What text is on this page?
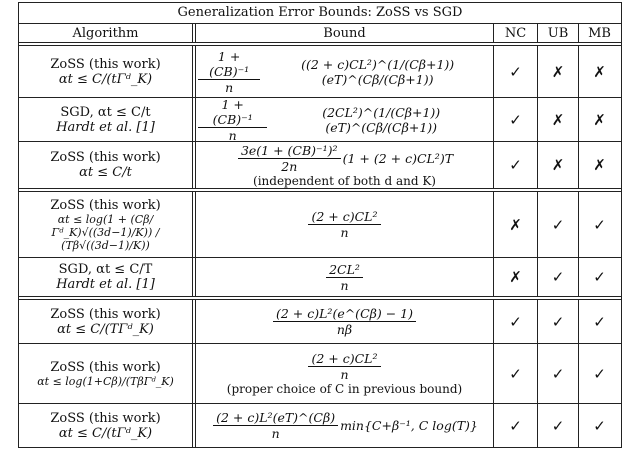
Generalization Error Bounds: ZoSS vs SGD
Algorithm	Bound	NC	UB	MB
ZoSS (this work)
αt ≤ C/(tΓᵈ_K)	$\frac{\text{1 + (CB)⁻¹}}{n}$	((2 + c)CL²)^(1/(Cβ+1)) (eT)^(Cβ/(Cβ+1))	✓	✗	✗
SGD, αt ≤ C/t
Hardt et al. [1]	$\frac{\text{1 + (CB)⁻¹}}{n}$	(2CL²)^(1/(Cβ+1)) (eT)^(Cβ/(Cβ+1))	✓	✗	✗
ZoSS (this work)
αt ≤ C/t	$\frac{\text{3e(1 + (CB)⁻¹)²}}{2n} (1 + (2 + c)CL^2)T$
(independent of both d and K)
✓	✗	✗
ZoSS (this work)
αt ≤ log(1 + (Cβ/Γᵈ_K)√((3d−1)/K)) / (Tβ√((3d−1)/K))
$\frac{\text{(2 + c)CL²}}{n}$	✗	✓	✓
SGD, αt ≤ C/T
Hardt et al. [1]	$\frac{\text{2CL²}}{n}$	✗	✓	✓
ZoSS (this work)
αt ≤ C/(TΓᵈ_K)	$\frac{\text{(2 + c)L²(e\textasciicircum{}(Cβ) − 1)}}{n\beta}$	✓	✓	✓
ZoSS (this work)
αt ≤ log(1+Cβ)/(TβΓᵈ_K)	$\frac{\text{(2 + c)CL²}}{n}$
(proper choice of C in previous bound)
✓	✓	✓
ZoSS (this work)
αt ≤ C/(tΓᵈ_K)	$\frac{\text{(2 + c)L²(eT)\textasciicircum{}(Cβ)}}{n} \min\{C+\beta^{-1}$, C log(T)}	✓	✓	✓
